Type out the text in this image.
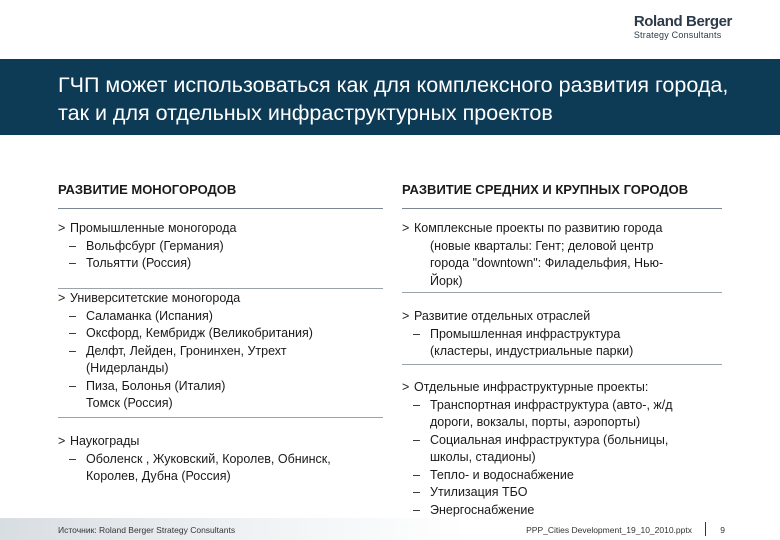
Roland Berger
Strategy Consultants
ГЧП может использоваться как для комплексного развития города, так и для отдельных инфраструктурных проектов
РАЗВИТИЕ МОНОГОРОДОВ
> Промышленные моногорода
– Вольфсбург (Германия)
– Тольятти (Россия)
> Университетские моногорода
– Саламанка (Испания)
– Оксфорд, Кембридж (Великобритания)
– Делфт, Лейден, Гронинхен, Утрехт
(Нидерланды)
– Пиза, Болонья (Италия)
Томск (Россия)
> Наукограды
– Оболенск , Жуковский, Королев, Обнинск,
Королев, Дубна (Россия)
РАЗВИТИЕ СРЕДНИХ И КРУПНЫХ ГОРОДОВ
> Комплексные проекты по развитию города
(новые кварталы: Гент; деловой центр
города "downtown": Филадельфия, Нью-
Йорк)
> Развитие отдельных отраслей
– Промышленная инфраструктура
(кластеры, индустриальные парки)
> Отдельные инфраструктурные проекты:
– Транспортная инфраструктура (авто-, ж/д
дороги, вокзалы, порты, аэропорты)
– Социальная инфраструктура (больницы,
школы, стадионы)
– Тепло- и водоснабжение
– Утилизация ТБО
– Энергоснабжение
Источник: Roland Berger Strategy Consultants	PPP_Cities Development_19_10_2010.pptx	9
